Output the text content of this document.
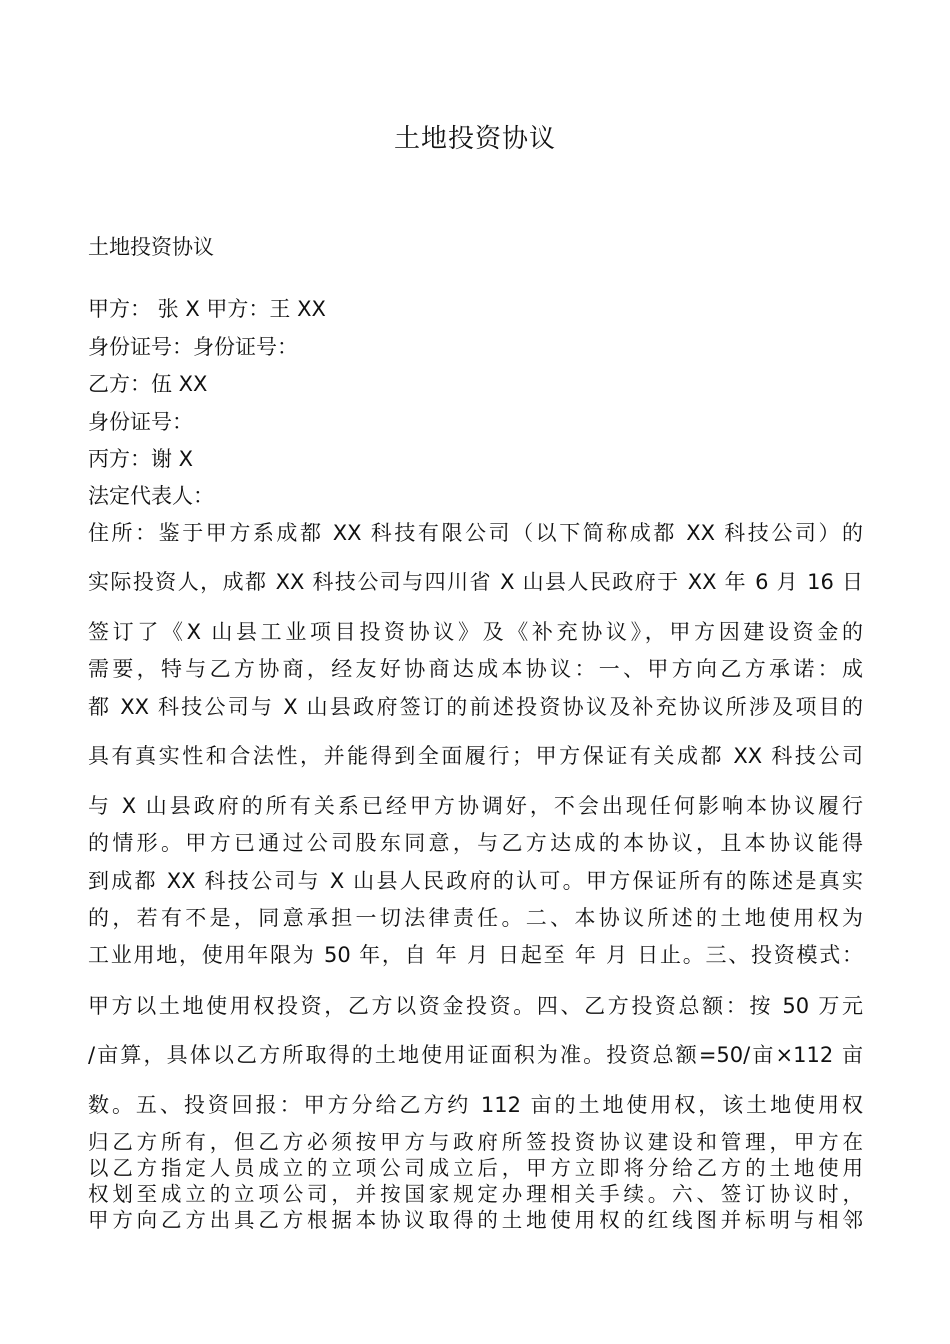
土地投资协议
土地投资协议
甲方： 张 X 甲方：王 XX
身份证号：身份证号：
乙方：伍 XX
身份证号：
丙方：谢 X
法定代表人：
住所：鉴于甲方系成都 XX 科技有限公司（以下简称成都 XX 科技公司）的
实际投资人，成都 XX 科技公司与四川省 X 山县人民政府于 XX 年 6 月 16 日
签订了《X 山县工业项目投资协议》及《补充协议》，甲方因建设资金的
需要，特与乙方协商，经友好协商达成本协议：一、甲方向乙方承诺：成
都 XX 科技公司与 X 山县政府签订的前述投资协议及补充协议所涉及项目的
具有真实性和合法性，并能得到全面履行；甲方保证有关成都 XX 科技公司
与 X 山县政府的所有关系已经甲方协调好，不会出现任何影响本协议履行
的情形。甲方已通过公司股东同意，与乙方达成的本协议，且本协议能得
到成都 XX 科技公司与 X 山县人民政府的认可。甲方保证所有的陈述是真实
的，若有不是，同意承担一切法律责任。二、本协议所述的土地使用权为
工业用地，使用年限为 50 年，自 年 月 日起至 年 月 日止。三、投资模式：
甲方以土地使用权投资，乙方以资金投资。四、乙方投资总额：按 50 万元
/亩算，具体以乙方所取得的土地使用证面积为准。投资总额=50/亩×112 亩
数。五、投资回报：甲方分给乙方约 112 亩的土地使用权，该土地使用权
归乙方所有，但乙方必须按甲方与政府所签投资协议建设和管理，甲方在
以乙方指定人员成立的立项公司成立后，甲方立即将分给乙方的土地使用
权划至成立的立项公司，并按国家规定办理相关手续。六、签订协议时，
甲方向乙方出具乙方根据本协议取得的土地使用权的红线图并标明与相邻
